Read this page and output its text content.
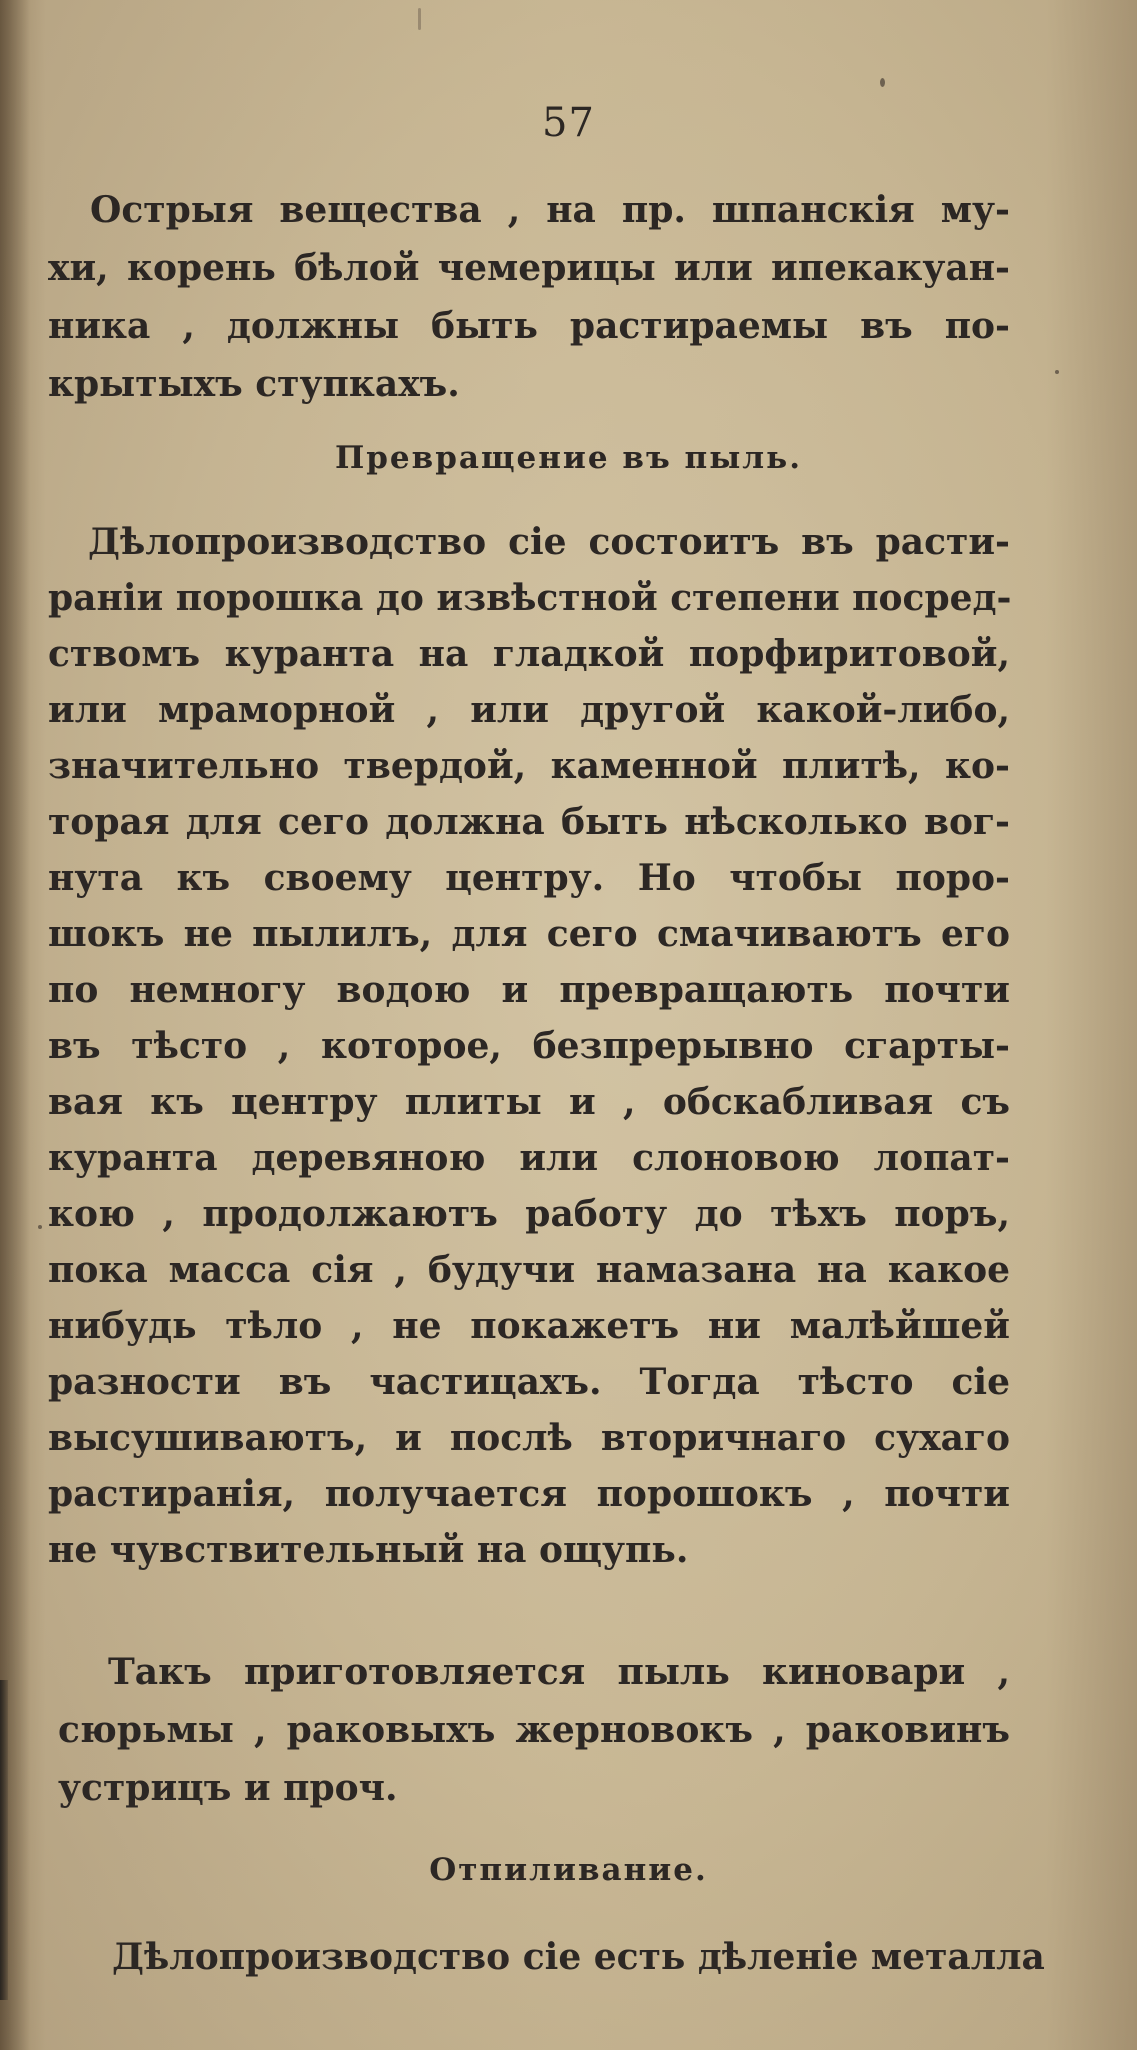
57
Острыя вещества , на пр. шпанскія му-
хи, корень бѣлой чемерицы или ипекакуан-
ника , должны быть растираемы въ по-
крытыхъ ступкахъ.
Превращение въ пыль.
Дѣлопроизводство сіе состоитъ въ расти-
раніи порошка до извѣстной степени посред-
ствомъ куранта на гладкой порфиритовой,
или мраморной , или другой какой-либо,
значительно твердой, каменной плитѣ, ко-
торая для сего должна быть нѣсколько вог-
нута къ своему центру. Но чтобы поро-
шокъ не пылилъ, для сего смачиваютъ его
по немногу водою и превращають почти
въ тѣсто , которое, безпрерывно сгарты-
вая къ центру плиты и , обскабливая съ
куранта деревяною или слоновою лопат-
кою , продолжаютъ работу до тѣхъ поръ,
пока масса сія , будучи намазана на какое
нибудь тѣло , не покажетъ ни малѣйшей
разности въ частицахъ. Тогда тѣсто сіе
высушиваютъ, и послѣ вторичнаго сухаго
растиранія, получается порошокъ , почти
не чувствительный на ощупь.
Такъ приготовляется пыль киновари ,
сюрьмы , раковыхъ жерновокъ , раковинъ
устрицъ и проч.
Отпиливание.
Дѣлопроизводство сіе есть дѣленіе металла
